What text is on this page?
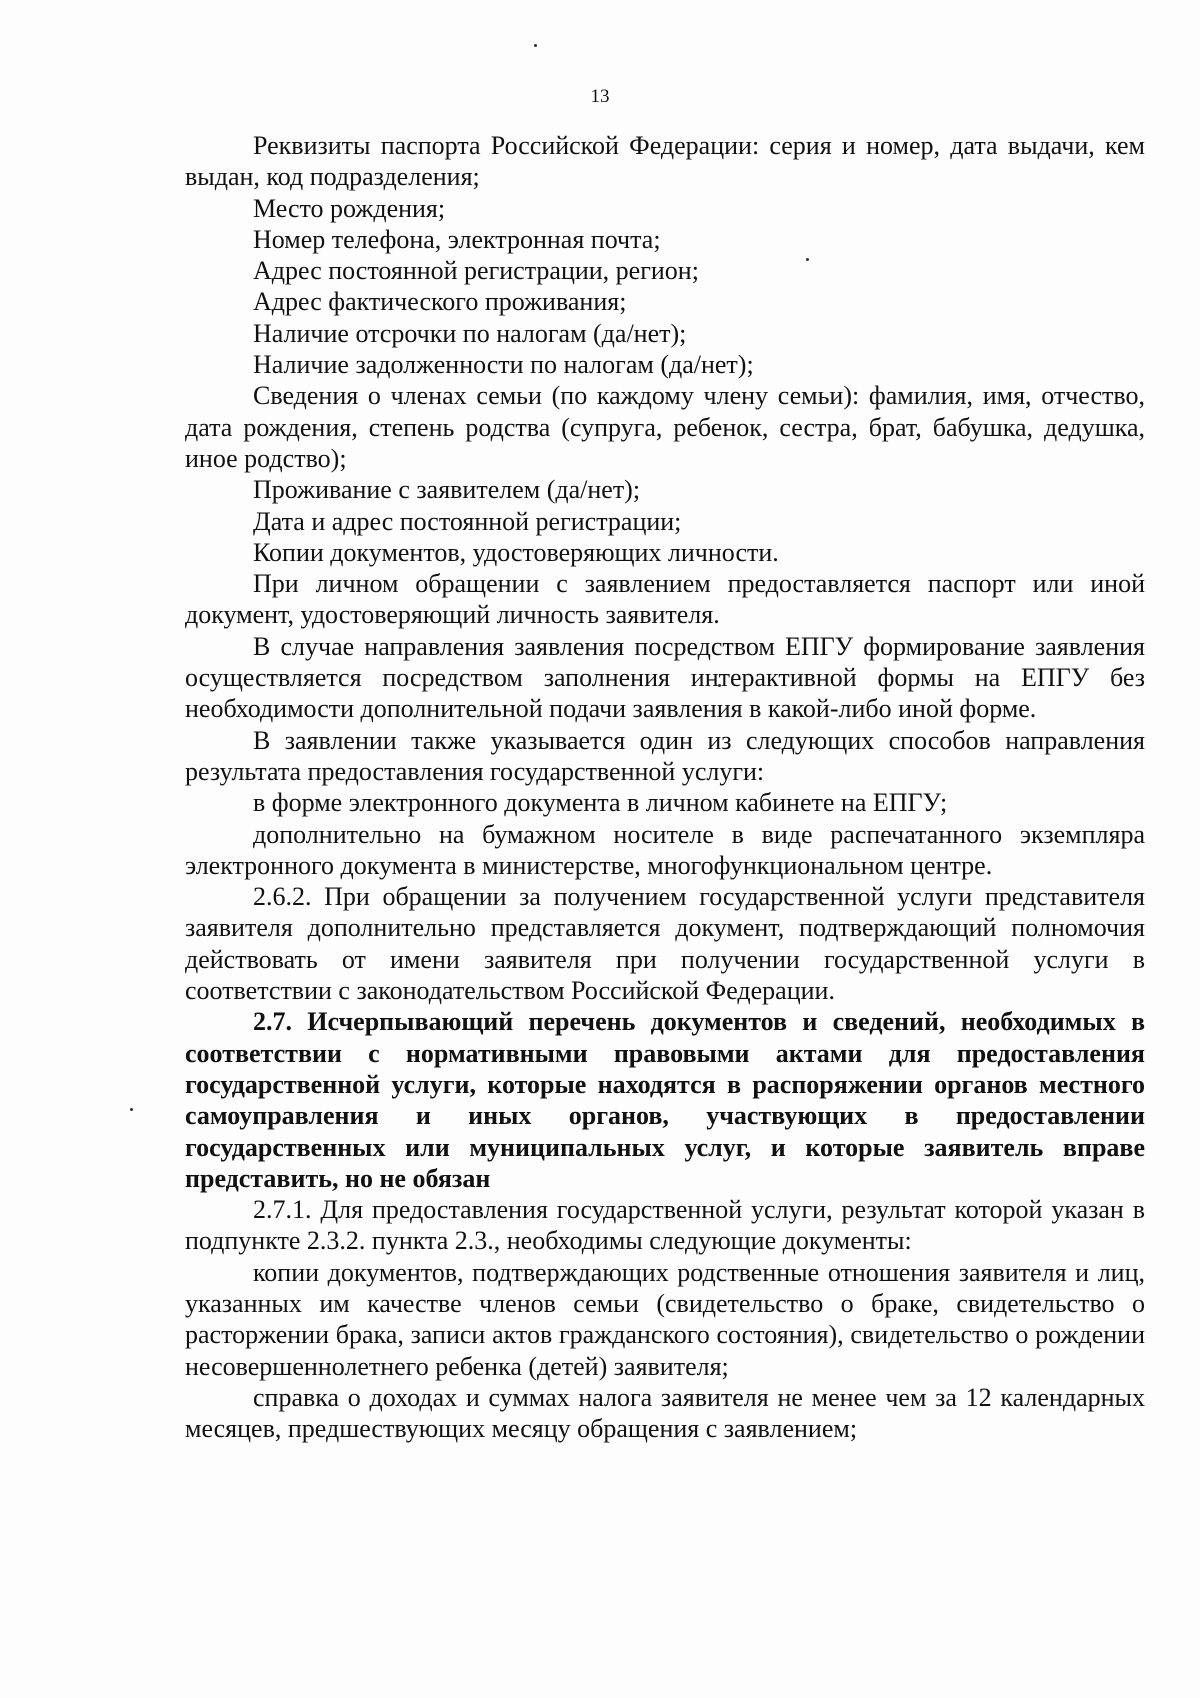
13

Реквизиты паспорта Российской Федерации: серия и номер, дата выдачи, кем выдан, код подразделения;

Место рождения;

Номер телефона, электронная почта;

Адрес постоянной регистрации, регион;

Адрес фактического проживания;

Наличие отсрочки по налогам (да/нет);

Наличие задолженности по налогам (да/нет);

Сведения о членах семьи (по каждому члену семьи): фамилия, имя, отчество, дата рождения, степень родства (супруга, ребенок, сестра, брат, бабушка, дедушка, иное родство);

Проживание с заявителем (да/нет);

Дата и адрес постоянной регистрации;

Копии документов, удостоверяющих личности.

При личном обращении с заявлением предоставляется паспорт или иной документ, удостоверяющий личность заявителя.

В случае направления заявления посредством ЕПГУ формирование заявления осуществляется посредством заполнения интерактивной формы на ЕПГУ без необходимости дополнительной подачи заявления в какой-либо иной форме.

В заявлении также указывается один из следующих способов направления результата предоставления государственной услуги:

в форме электронного документа в личном кабинете на ЕПГУ;

дополнительно на бумажном носителе в виде распечатанного экземпляра электронного документа в министерстве, многофункциональном центре.

2.6.2. При обращении за получением государственной услуги представителя заявителя дополнительно представляется документ, подтверждающий полномочия действовать от имени заявителя при получении государственной услуги в соответствии с законодательством Российской Федерации.

2.7. Исчерпывающий перечень документов и сведений, необходимых в соответствии с нормативными правовыми актами для предоставления государственной услуги, которые находятся в распоряжении органов местного самоуправления и иных органов, участвующих в предоставлении государственных или муниципальных услуг, и которые заявитель вправе представить, но не обязан

2.7.1. Для предоставления государственной услуги, результат которой указан в подпункте 2.3.2. пункта 2.3., необходимы следующие документы:

копии документов, подтверждающих родственные отношения заявителя и лиц, указанных им качестве членов семьи (свидетельство о браке, свидетельство о расторжении брака, записи актов гражданского состояния), свидетельство о рождении несовершеннолетнего ребенка (детей) заявителя;

справка о доходах и суммах налога заявителя не менее чем за 12 календарных месяцев, предшествующих месяцу обращения с заявлением;
